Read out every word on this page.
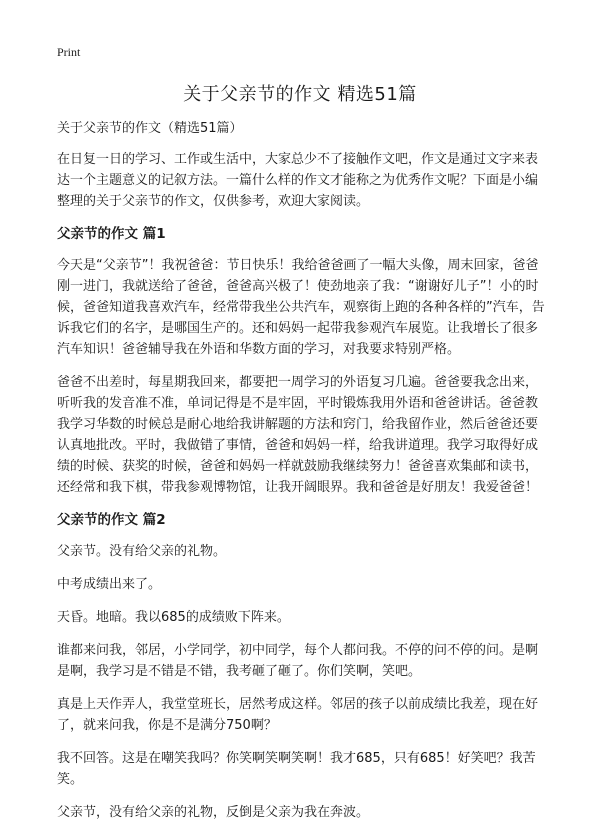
Print
关于父亲节的作文 精选51篇

关于父亲节的作文（精选51篇）

在日复一日的学习、工作或生活中，大家总少不了接触作文吧，作文是通过文字来表达一个主题意义的记叙方法。一篇什么样的作文才能称之为优秀作文呢？下面是小编整理的关于父亲节的作文，仅供参考，欢迎大家阅读。

父亲节的作文 篇1

今天是“父亲节”！我祝爸爸：节日快乐！我给爸爸画了一幅大头像，周末回家，爸爸刚一进门，我就送给了爸爸，爸爸高兴极了！使劲地亲了我：“谢谢好儿子”！小的时候，爸爸知道我喜欢汽车，经常带我坐公共汽车，观察街上跑的各种各样的”汽车，告诉我它们的名字，是哪国生产的。还和妈妈一起带我参观汽车展览。让我增长了很多汽车知识！爸爸辅导我在外语和华数方面的学习，对我要求特别严格。

爸爸不出差时，每星期我回来，都要把一周学习的外语复习几遍。爸爸要我念出来，听听我的发音准不准，单词记得是不是牢固，平时锻炼我用外语和爸爸讲话。爸爸教我学习华数的时候总是耐心地给我讲解题的方法和窍门，给我留作业，然后爸爸还要认真地批改。平时，我做错了事情，爸爸和妈妈一样，给我讲道理。我学习取得好成绩的时候、获奖的时候，爸爸和妈妈一样就鼓励我继续努力！爸爸喜欢集邮和读书，还经常和我下棋，带我参观博物馆，让我开阔眼界。我和爸爸是好朋友！我爱爸爸！

父亲节的作文 篇2

父亲节。没有给父亲的礼物。

中考成绩出来了。

天昏。地暗。我以685的成绩败下阵来。

谁都来问我，邻居，小学同学，初中同学，每个人都问我。不停的问不停的问。是啊是啊，我学习是不错是不错，我考砸了砸了。你们笑啊，笑吧。

真是上天作弄人，我堂堂班长，居然考成这样。邻居的孩子以前成绩比我差，现在好了，就来问我，你是不是满分750啊？

我不回答。这是在嘲笑我吗？你笑啊笑啊笑啊！我才685，只有685！好笑吧？我苦笑。

父亲节，没有给父亲的礼物，反倒是父亲为我在奔波。
